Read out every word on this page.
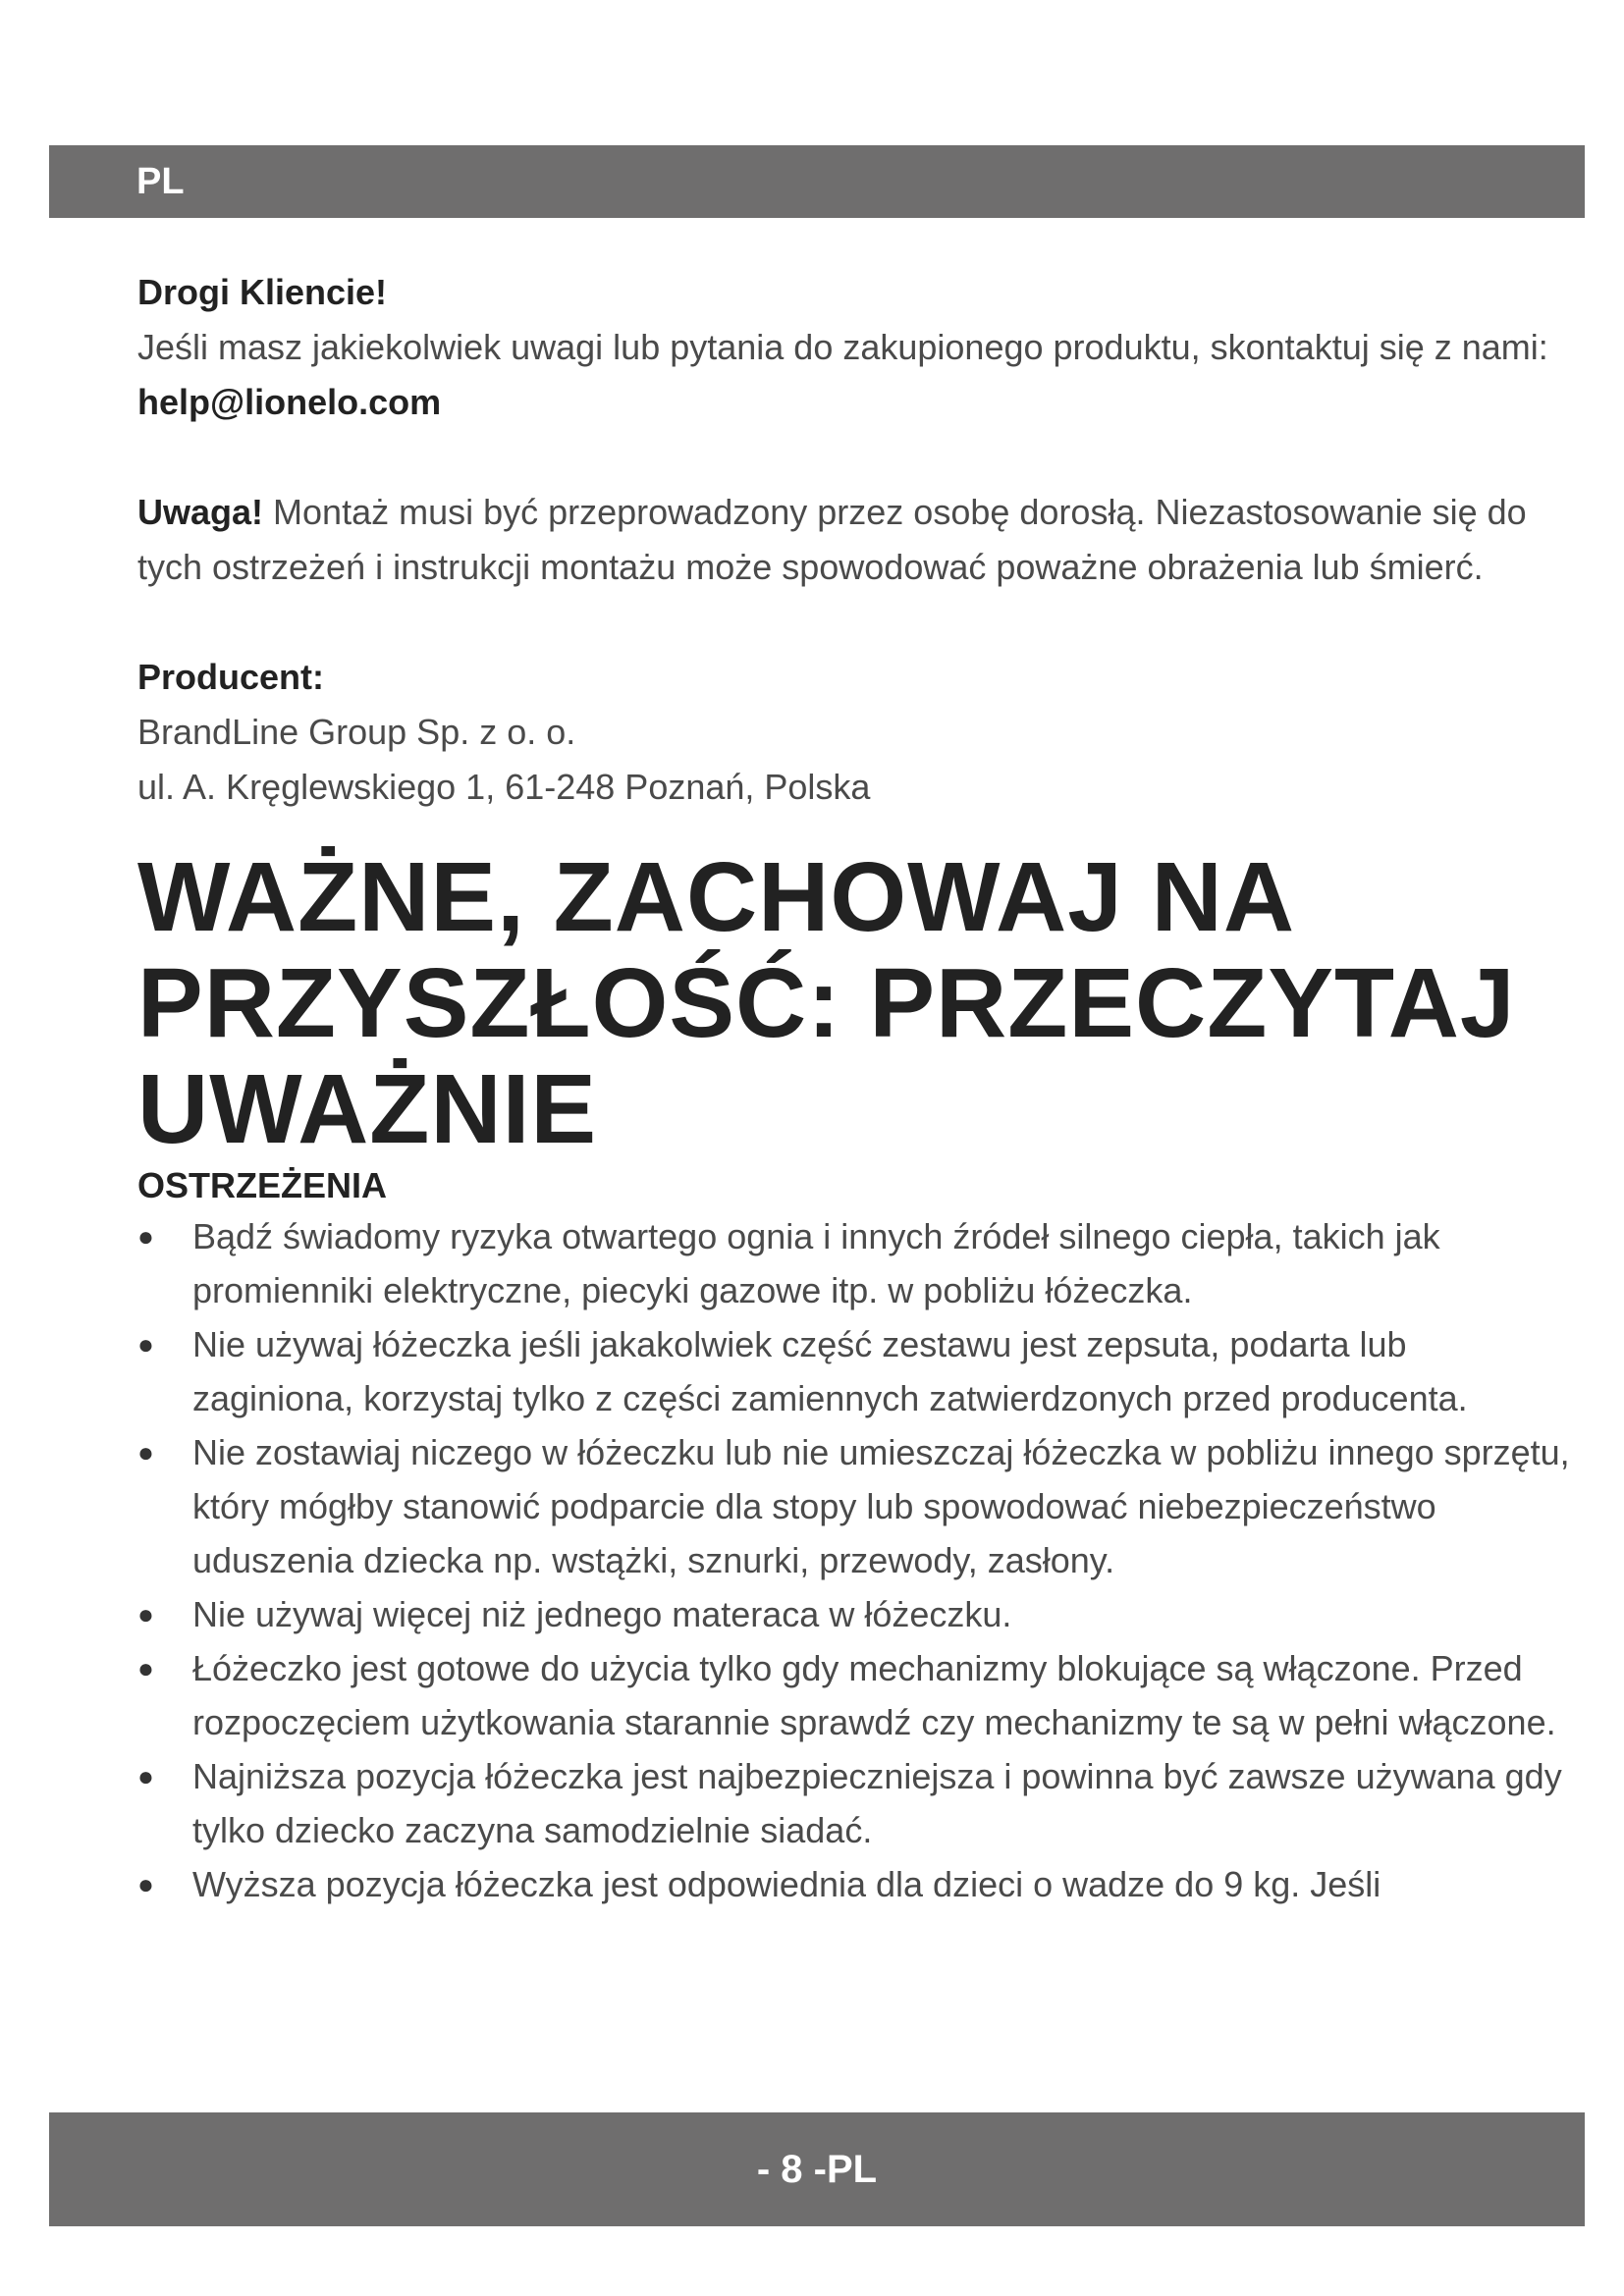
PL

Drogi Kliencie!
Jeśli masz jakiekolwiek uwagi lub pytania do zakupionego produktu, skontaktuj się z nami: help@lionelo.com

Uwaga! Montaż musi być przeprowadzony przez osobę dorosłą. Niezastosowanie się do tych ostrzeżeń i instrukcji montażu może spowodować poważne obrażenia lub śmierć.

Producent:
BrandLine Group Sp. z o. o.
ul. A. Kręglewskiego 1, 61-248 Poznań, Polska

WAŻNE, ZACHOWAJ NA PRZYSZŁOŚĆ: PRZECZYTAJ UWAŻNIE
OSTRZEŻENIA
● Bądź świadomy ryzyka otwartego ognia i innych źródeł silnego ciepła, takich jak promienniki elektryczne, piecyki gazowe itp. w pobliżu łóżeczka.
● Nie używaj łóżeczka jeśli jakakolwiek część zestawu jest zepsuta, podarta lub zaginiona, korzystaj tylko z części zamiennych zatwierdzonych przed producenta.
● Nie zostawiaj niczego w łóżeczku lub nie umieszczaj łóżeczka w pobliżu innego sprzętu, który mógłby stanowić podparcie dla stopy lub spowodować niebezpieczeństwo uduszenia dziecka np. wstążki, sznurki, przewody, zasłony.
● Nie używaj więcej niż jednego materaca w łóżeczku.
● Łóżeczko jest gotowe do użycia tylko gdy mechanizmy blokujące są włączone. Przed rozpoczęciem użytkowania starannie sprawdź czy mechanizmy te są w pełni włączone.
● Najniższa pozycja łóżeczka jest najbezpieczniejsza i powinna być zawsze używana gdy tylko dziecko zaczyna samodzielnie siadać.
● Wyższa pozycja łóżeczka jest odpowiednia dla dzieci o wadze do 9 kg. Jeśli
- 8 -PL
